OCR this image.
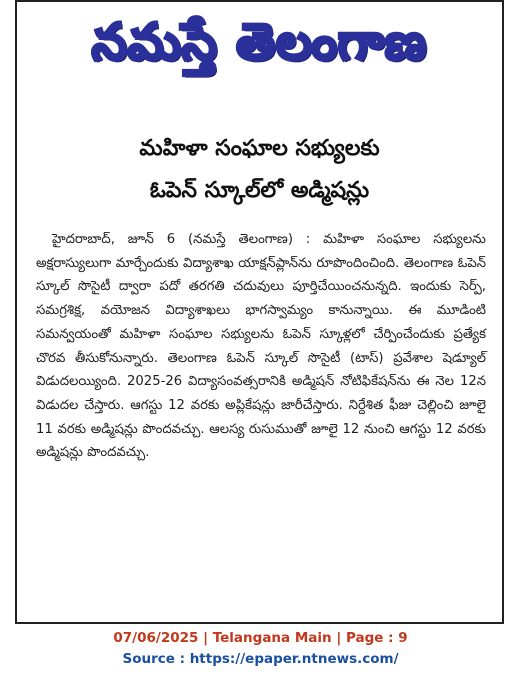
నమస్తే తెలంగాణ
మహిళా సంఘాల సభ్యులకు
ఓపెన్ స్కూల్‌లో అడ్మిషన్లు
హైదరాబాద్, జూన్ 6 (నమస్తే తెలంగాణ) : మహిళా సంఘాల సభ్యులను అక్షరాస్యులుగా మార్చేందుకు విద్యాశాఖ యాక్షన్‌ప్లాన్‌ను రూపొందించింది. తెలంగాణ ఓపెన్ స్కూల్ సొసైటీ ద్వారా పదో తరగతి చదువులు పూర్తిచేయించనున్నది. ఇందుకు సెర్ప్, సమగ్రశిక్ష, వయోజన విద్యాశాఖలు భాగస్వామ్యం కానున్నాయి. ఈ మూడింటి సమన్వయంతో మహిళా సంఘాల సభ్యులను ఓపెన్ స్కూళ్లలో చేర్పించేందుకు ప్రత్యేక చొరవ తీసుకోనున్నారు. తెలంగాణ ఓపెన్ స్కూల్ సొసైటీ (టాస్) ప్రవేశాల షెడ్యూల్ విడుదలయ్యింది. 2025-26 విద్యాసంవత్సరానికి అడ్మిషన్ నోటిఫికేషన్‌ను ఈ నెల 12న విడుదల చేస్తారు. ఆగస్టు 12 వరకు అప్లికేషన్లు జారీచేస్తారు. నిర్దేశిత ఫీజు చెల్లించి జూలై 11 వరకు అడ్మిషన్లు పొందవచ్చు. ఆలస్య రుసుముతో జూలై 12 నుంచి ఆగస్టు 12 వరకు అడ్మిషన్లు పొందవచ్చు.
07/06/2025 | Telangana Main | Page : 9
Source : https://epaper.ntnews.com/
